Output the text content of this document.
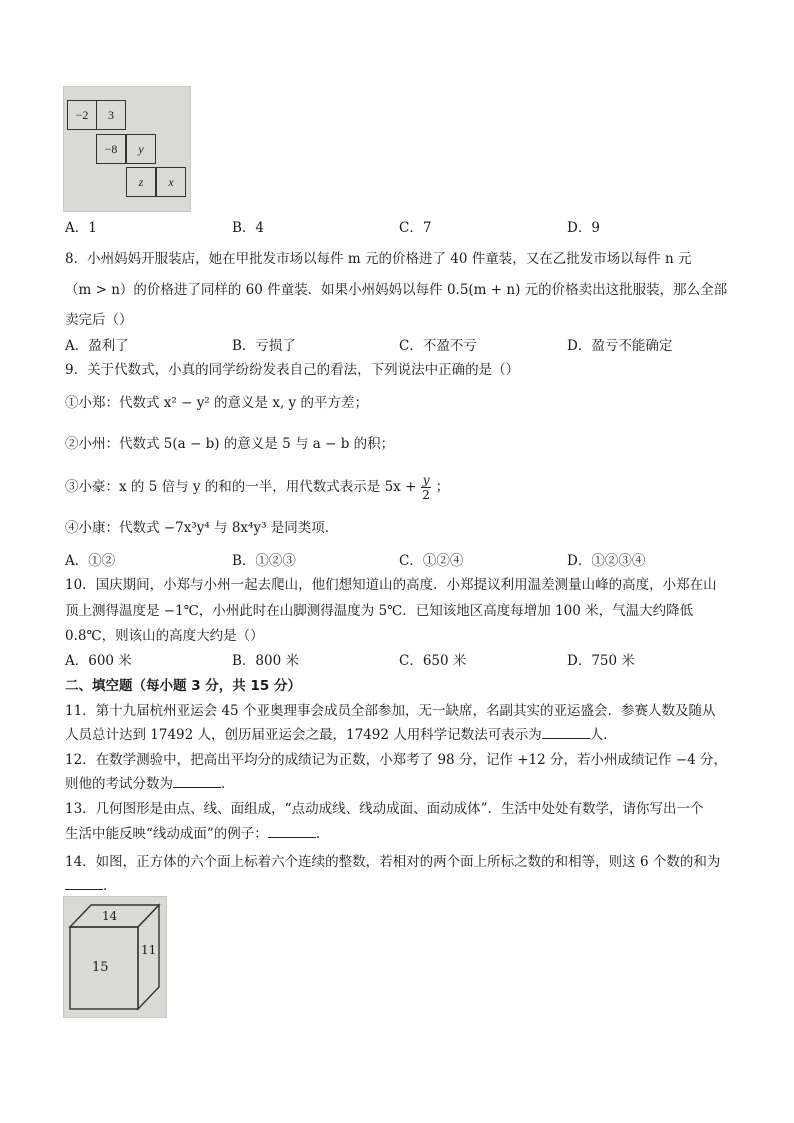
−2	3
−8	y
z	x
A．1	B．4	C．7	D．9
8．小州妈妈开服装店，她在甲批发市场以每件 m 元的价格进了 40 件童装，又在乙批发市场以每件 n 元
（m > n）的价格进了同样的 60 件童装．如果小州妈妈以每件 0.5(m + n) 元的价格卖出这批服装，那么全部
卖完后（）
A．盈利了	B．亏损了	C．不盈不亏	D．盈亏不能确定
9．关于代数式，小真的同学纷纷发表自己的看法，下列说法中正确的是（）
①小郑：代数式 x² − y² 的意义是 x, y 的平方差；
②小州：代数式 5(a − b) 的意义是 5 与 a − b 的积；
③小豪：x 的 5 倍与 y 的和的一半，用代数式表示是 $5x + \frac{y}{2}$ ；
④小康：代数式 −7x³y⁴ 与 8x⁴y³ 是同类项．
A．①②	B．①②③	C．①②④	D．①②③④
10．国庆期间，小郑与小州一起去爬山，他们想知道山的高度．小郑提议利用温差测量山峰的高度，小郑在山
顶上测得温度是 −1℃，小州此时在山脚测得温度为 5℃．已知该地区高度每增加 100 米，气温大约降低
0.8℃，则该山的高度大约是（）
A．600 米	B．800 米	C．650 米	D．750 米
二、填空题（每小题 3 分，共 15 分）
11．第十九届杭州亚运会 45 个亚奥理事会成员全部参加，无一缺席，名副其实的亚运盛会．参赛人数及随从
人员总计达到 17492 人，创历届亚运会之最，17492 人用科学记数法可表示为	人．
12．在数学测验中，把高出平均分的成绩记为正数，小郑考了 98 分，记作 +12 分，若小州成绩记作 −4 分，
则他的考试分数为	．
13．几何图形是由点、线、面组成，“点动成线、线动成面、面动成体”．生活中处处有数学，请你写出一个
生活中能反映“线动成面”的例子：	．
14．如图，正方体的六个面上标着六个连续的整数，若相对的两个面上所标之数的和相等，则这 6 个数的和为
．
14
15
11
